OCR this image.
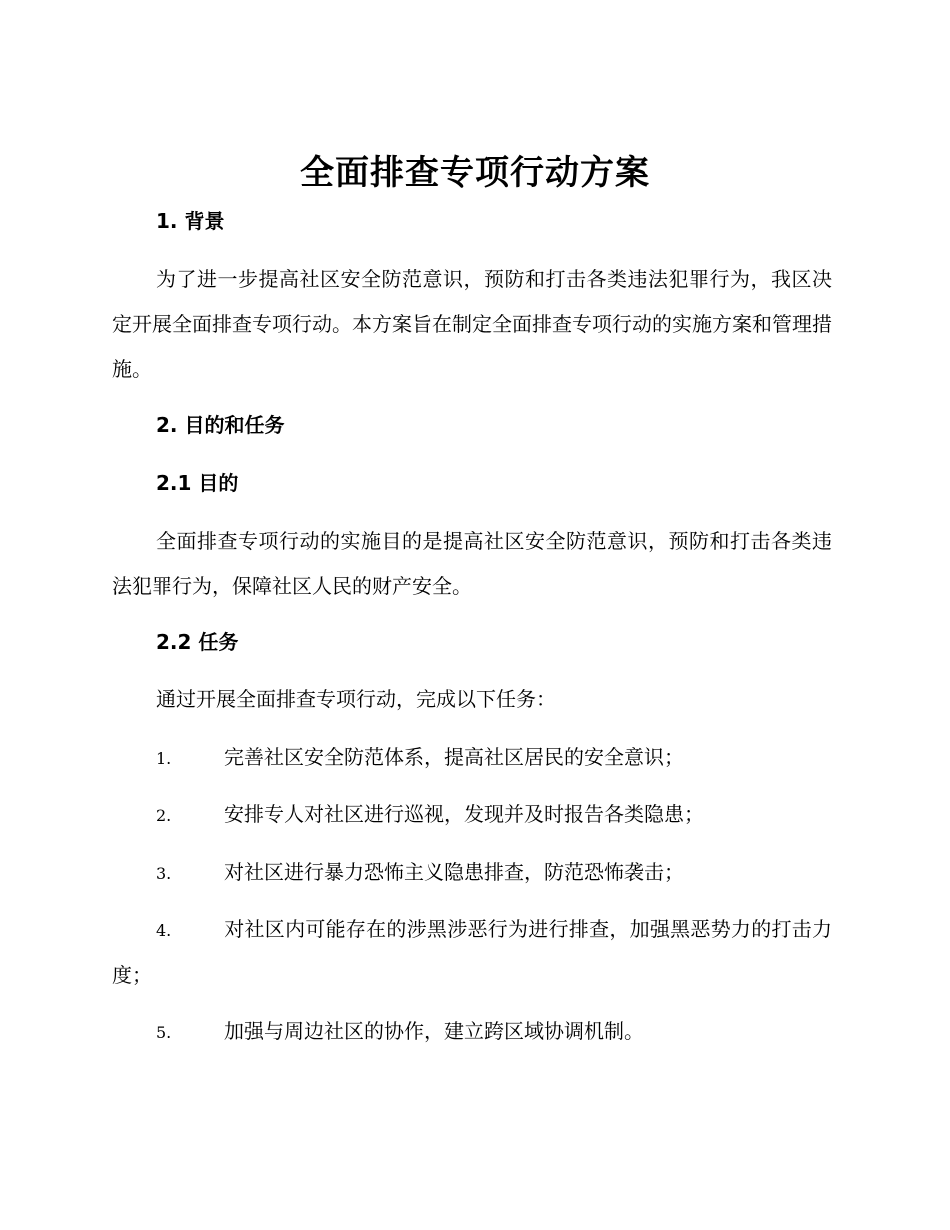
全面排查专项行动方案
1. 背景

为了进一步提高社区安全防范意识，预防和打击各类违法犯罪行为，我区决定开展全面排查专项行动。本方案旨在制定全面排查专项行动的实施方案和管理措施。

2. 目的和任务
2.1 目的

全面排查专项行动的实施目的是提高社区安全防范意识，预防和打击各类违法犯罪行为，保障社区人民的财产安全。

2.2 任务

通过开展全面排查专项行动，完成以下任务：

1.	完善社区安全防范体系，提高社区居民的安全意识；

2.	安排专人对社区进行巡视，发现并及时报告各类隐患；

3.	对社区进行暴力恐怖主义隐患排查，防范恐怖袭击；

4.	对社区内可能存在的涉黑涉恶行为进行排查，加强黑恶势力的打击力度；

5.	加强与周边社区的协作，建立跨区域协调机制。
